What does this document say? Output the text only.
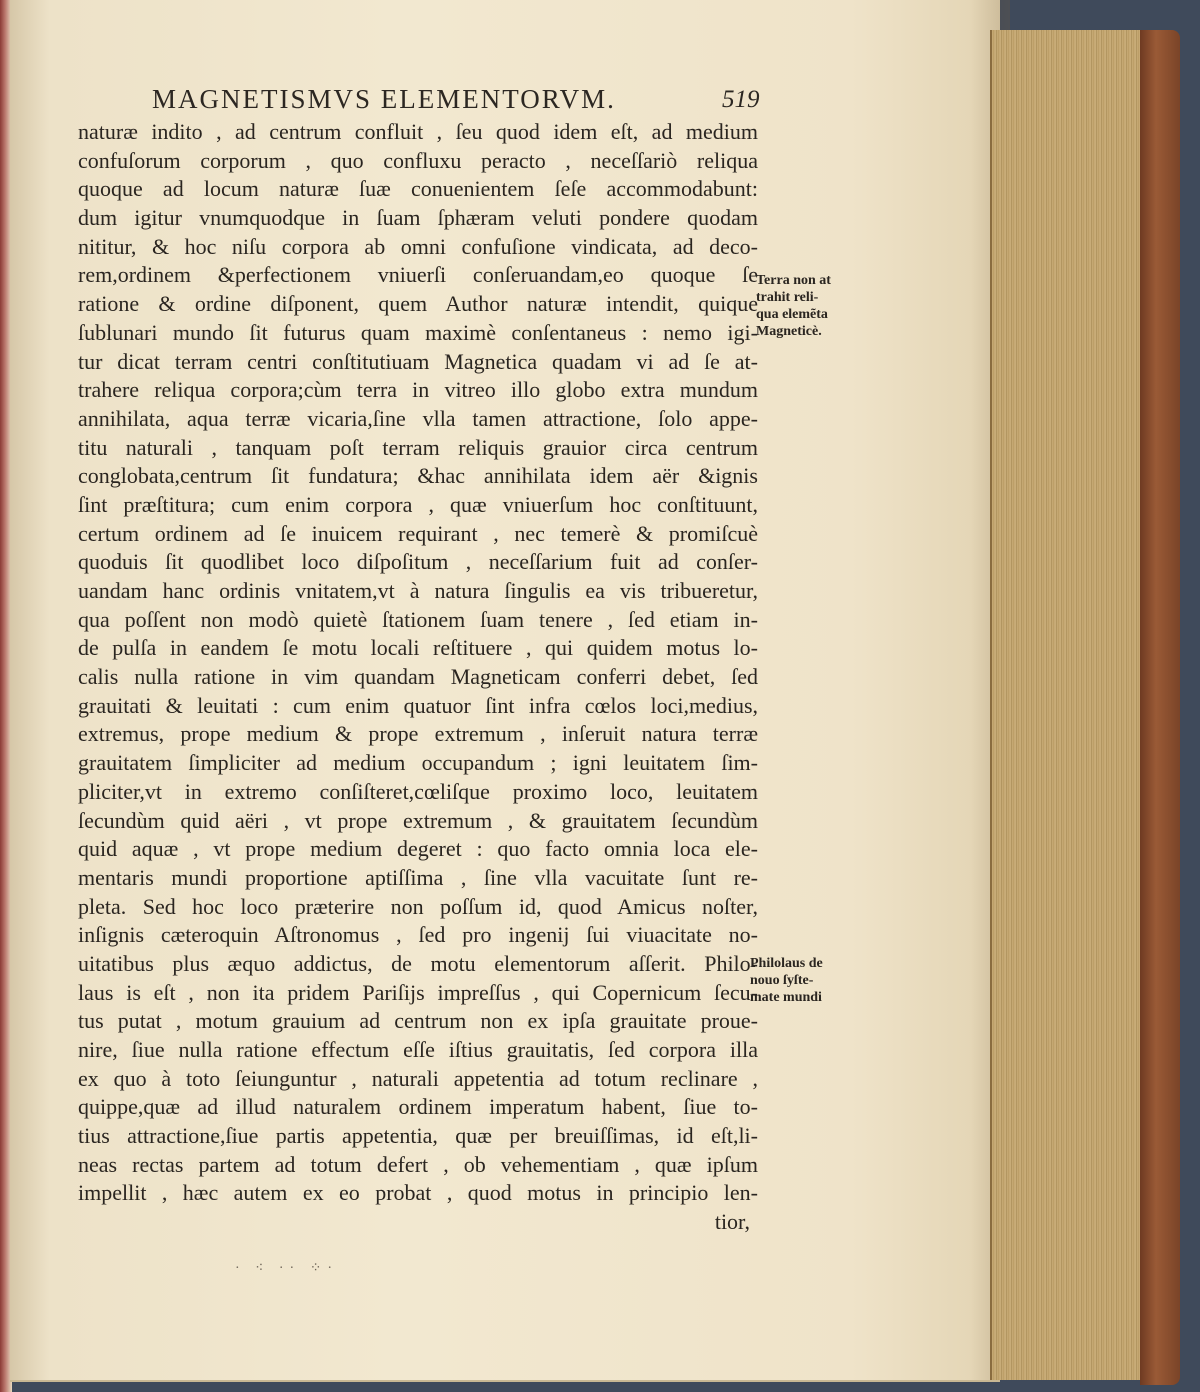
MAGNETISMVS ELEMENTORVM.	519
naturæ indito , ad centrum confluit , ſeu quod idem eſt, ad medium
confuſorum corporum , quo confluxu peracto , neceſſariò reliqua
quoque ad locum naturæ ſuæ conuenientem ſeſe accommodabunt:
dum igitur vnumquodque in ſuam ſphæram veluti pondere quodam
nititur, & hoc niſu corpora ab omni confuſione vindicata, ad deco-
rem,ordinem &perfectionem vniuerſi conſeruandam,eo quoque ſe
ratione & ordine diſponent, quem Author naturæ intendit, quique
ſublunari mundo ſit futurus quam maximè conſentaneus : nemo igi-
tur dicat terram centri conſtitutiuam Magnetica quadam vi ad ſe at-
trahere reliqua corpora;cùm terra in vitreo illo globo extra mundum
annihilata, aqua terræ vicaria,ſine vlla tamen attractione, ſolo appe-
titu naturali , tanquam poſt terram reliquis grauior circa centrum
conglobata,centrum ſit fundatura; &hac annihilata idem aër &ignis
ſint præſtitura; cum enim corpora , quæ vniuerſum hoc conſtituunt,
certum ordinem ad ſe inuicem requirant , nec temerè & promiſcuè
quoduis ſit quodlibet loco diſpoſitum , neceſſarium fuit ad conſer-
uandam hanc ordinis vnitatem,vt à natura ſingulis ea vis tribueretur,
qua poſſent non modò quietè ſtationem ſuam tenere , ſed etiam in-
de pulſa in eandem ſe motu locali reſtituere , qui quidem motus lo-
calis nulla ratione in vim quandam Magneticam conferri debet, ſed
grauitati & leuitati : cum enim quatuor ſint infra cœlos loci,medius,
extremus, prope medium & prope extremum , inſeruit natura terræ
grauitatem ſimpliciter ad medium occupandum ; igni leuitatem ſim-
pliciter,vt in extremo conſiſteret,cœliſque proximo loco, leuitatem
ſecundùm quid aëri , vt prope extremum , & grauitatem ſecundùm
quid aquæ , vt prope medium degeret : quo facto omnia loca ele-
mentaris mundi proportione aptiſſima , ſine vlla vacuitate ſunt re-
pleta. Sed hoc loco præterire non poſſum id, quod Amicus noſter,
inſignis cæteroquin Aſtronomus , ſed pro ingenij ſui viuacitate no-
uitatibus plus æquo addictus, de motu elementorum aſſerit. Philo-
laus is eſt , non ita pridem Pariſijs impreſſus , qui Copernicum ſecu-
tus putat , motum grauium ad centrum non ex ipſa grauitate proue-
nire, ſiue nulla ratione effectum eſſe iſtius grauitatis, ſed corpora illa
ex quo à toto ſeiunguntur , naturali appetentia ad totum reclinare ,
quippe,quæ ad illud naturalem ordinem imperatum habent, ſiue to-
tius attractione,ſiue partis appetentia, quæ per breuiſſimas, id eſt,li-
neas rectas partem ad totum defert , ob vehementiam , quæ ipſum
impellit , hæc autem ex eo probat , quod motus in principio len-
tior,
Terra non at
trahit reli-
qua elemẽta
Magneticè.
Philolaus de
nouo ſyſte-
mate mundi
· ⁖ ·· ⁘·
